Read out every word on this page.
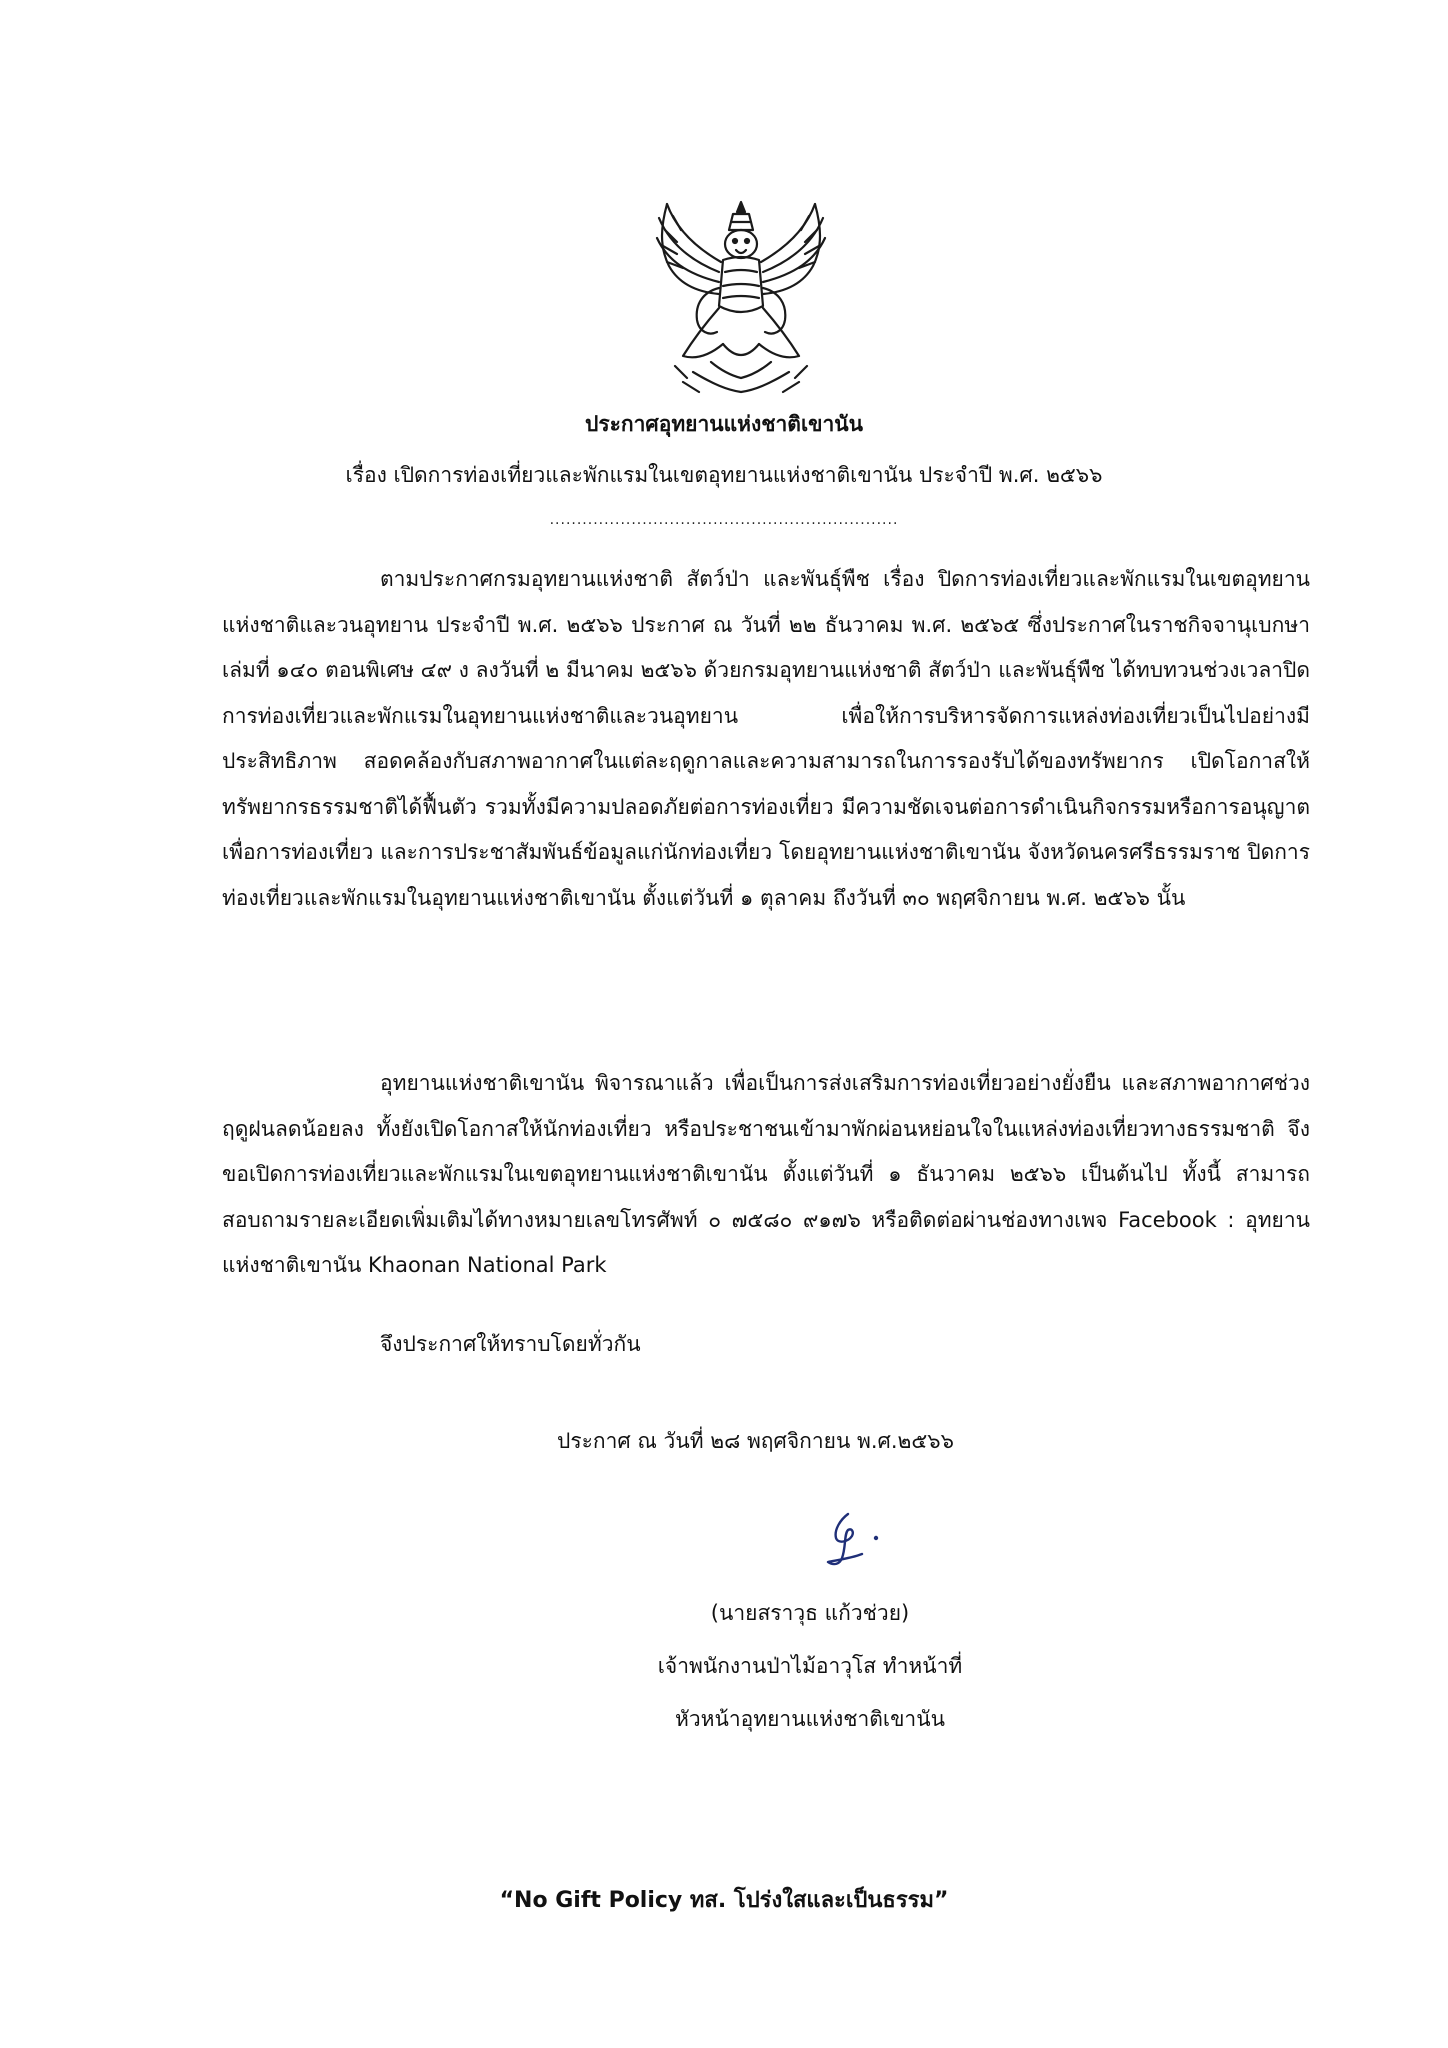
ประกาศอุทยานแห่งชาติเขานัน
เรื่อง เปิดการท่องเที่ยวและพักแรมในเขตอุทยานแห่งชาติเขานัน ประจำปี พ.ศ. ๒๕๖๖
................................................................

ตามประกาศกรมอุทยานแห่งชาติ สัตว์ป่า และพันธุ์พืช เรื่อง ปิดการท่องเที่ยวและพักแรมในเขตอุทยานแห่งชาติและวนอุทยาน ประจำปี พ.ศ. ๒๕๖๖ ประกาศ ณ วันที่ ๒๒ ธันวาคม พ.ศ. ๒๕๖๕ ซึ่งประกาศในราชกิจจานุเบกษา เล่มที่ ๑๔๐ ตอนพิเศษ ๔๙ ง ลงวันที่ ๒ มีนาคม ๒๕๖๖ ด้วยกรมอุทยานแห่งชาติ สัตว์ป่า และพันธุ์พืช ได้ทบทวนช่วงเวลาปิดการท่องเที่ยวและพักแรมในอุทยานแห่งชาติและวนอุทยาน เพื่อให้การบริหารจัดการแหล่งท่องเที่ยวเป็นไปอย่างมีประสิทธิภาพ สอดคล้องกับสภาพอากาศในแต่ละฤดูกาลและความสามารถในการรองรับได้ของทรัพยากร เปิดโอกาสให้ทรัพยากรธรรมชาติได้ฟื้นตัว รวมทั้งมีความปลอดภัยต่อการท่องเที่ยว มีความชัดเจนต่อการดำเนินกิจกรรมหรือการอนุญาตเพื่อการท่องเที่ยว และการประชาสัมพันธ์ข้อมูลแก่นักท่องเที่ยว โดยอุทยานแห่งชาติเขานัน จังหวัดนครศรีธรรมราช ปิดการท่องเที่ยวและพักแรมในอุทยานแห่งชาติเขานัน ตั้งแต่วันที่ ๑ ตุลาคม ถึงวันที่ ๓๐ พฤศจิกายน พ.ศ. ๒๕๖๖ นั้น

อุทยานแห่งชาติเขานัน พิจารณาแล้ว เพื่อเป็นการส่งเสริมการท่องเที่ยวอย่างยั่งยืน และสภาพอากาศช่วงฤดูฝนลดน้อยลง ทั้งยังเปิดโอกาสให้นักท่องเที่ยว หรือประชาชนเข้ามาพักผ่อนหย่อนใจในแหล่งท่องเที่ยวทางธรรมชาติ จึงขอเปิดการท่องเที่ยวและพักแรมในเขตอุทยานแห่งชาติเขานัน ตั้งแต่วันที่ ๑ ธันวาคม ๒๕๖๖ เป็นต้นไป ทั้งนี้ สามารถสอบถามรายละเอียดเพิ่มเติมได้ทางหมายเลขโทรศัพท์ ๐ ๗๕๘๐ ๙๑๗๖ หรือติดต่อผ่านช่องทางเพจ Facebook : อุทยานแห่งชาติเขานัน Khaonan National Park

จึงประกาศให้ทราบโดยทั่วกัน
ประกาศ ณ วันที่ ๒๘ พฤศจิกายน พ.ศ.๒๕๖๖
(นายสราวุธ แก้วช่วย)
เจ้าพนักงานป่าไม้อาวุโส ทำหน้าที่
หัวหน้าอุทยานแห่งชาติเขานัน
“No Gift Policy ทส. โปร่งใสและเป็นธรรม”
